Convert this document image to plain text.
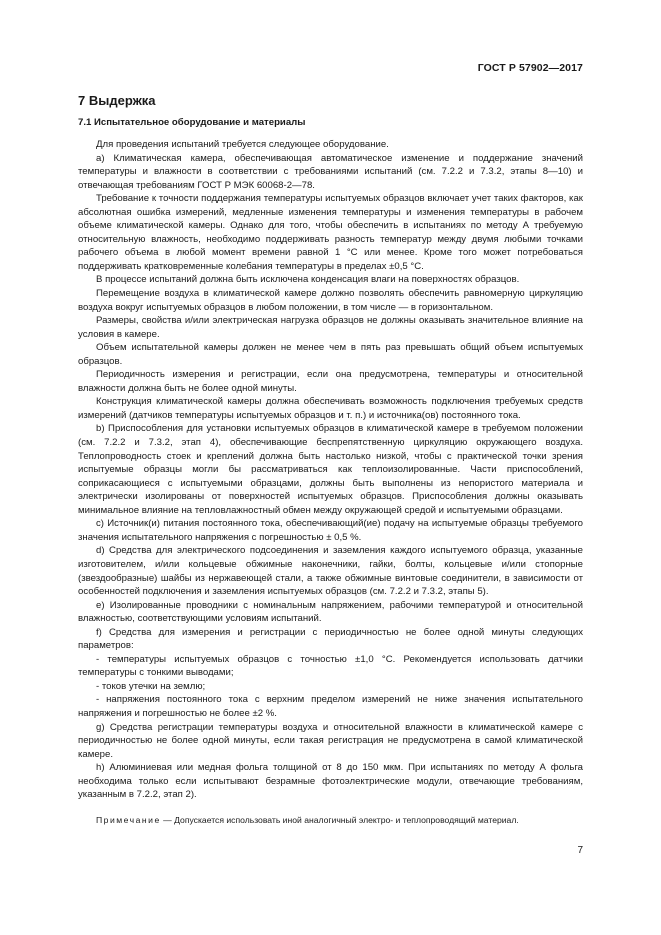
ГОСТ Р 57902—2017
7 Выдержка
7.1 Испытательное оборудование и материалы

Для проведения испытаний требуется следующее оборудование.

а) Климатическая камера, обеспечивающая автоматическое изменение и поддержание значений температуры и влажности в соответствии с требованиями испытаний (см. 7.2.2 и 7.3.2, этапы 8—10) и отвечающая требованиям ГОСТ Р МЭК 60068-2—78.

Требование к точности поддержания температуры испытуемых образцов включает учет таких факторов, как абсолютная ошибка измерений, медленные изменения температуры и изменения температуры в рабочем объеме климатической камеры. Однако для того, чтобы обеспечить в испытаниях по методу А требуемую относительную влажность, необходимо поддерживать разность температур между двумя любыми точками рабочего объема в любой момент времени равной 1 °С или менее. Кроме того может потребоваться поддерживать кратковременные колебания температуры в пределах ±0,5 °С.

В процессе испытаний должна быть исключена конденсация влаги на поверхностях образцов.

Перемещение воздуха в климатической камере должно позволять обеспечить равномерную циркуляцию воздуха вокруг испытуемых образцов в любом положении, в том числе — в горизонтальном.

Размеры, свойства и/или электрическая нагрузка образцов не должны оказывать значительное влияние на условия в камере.

Объем испытательной камеры должен не менее чем в пять раз превышать общий объем испытуемых образцов.

Периодичность измерения и регистрации, если она предусмотрена, температуры и относительной влажности должна быть не более одной минуты.

Конструкция климатической камеры должна обеспечивать возможность подключения требуемых средств измерений (датчиков температуры испытуемых образцов и т. п.) и источника(ов) постоянного тока.

b) Приспособления для установки испытуемых образцов в климатической камере в требуемом положении (см. 7.2.2 и 7.3.2, этап 4), обеспечивающие беспрепятственную циркуляцию окружающего воздуха. Теплопроводность стоек и креплений должна быть настолько низкой, чтобы с практической точки зрения испытуемые образцы могли бы рассматриваться как теплоизолированные. Части приспособлений, соприкасающиеся с испытуемыми образцами, должны быть выполнены из непористого материала и электрически изолированы от поверхностей испытуемых образцов. Приспособления должны оказывать минимальное влияние на тепловлажностный обмен между окружающей средой и испытуемыми образцами.

c) Источник(и) питания постоянного тока, обеспечивающий(ие) подачу на испытуемые образцы требуемого значения испытательного напряжения с погрешностью ± 0,5 %.

d) Средства для электрического подсоединения и заземления каждого испытуемого образца, указанные изготовителем, и/или кольцевые обжимные наконечники, гайки, болты, кольцевые и/или стопорные (звездообразные) шайбы из нержавеющей стали, а также обжимные винтовые соединители, в зависимости от особенностей подключения и заземления испытуемых образцов (см. 7.2.2 и 7.3.2, этапы 5).

e) Изолированные проводники с номинальным напряжением, рабочими температурой и относительной влажностью, соответствующими условиям испытаний.

f) Средства для измерения и регистрации с периодичностью не более одной минуты следующих параметров:

- температуры испытуемых образцов с точностью ±1,0 °С. Рекомендуется использовать датчики температуры с тонкими выводами;

- токов утечки на землю;

- напряжения постоянного тока с верхним пределом измерений не ниже значения испытательного напряжения и погрешностью не более ±2 %.

g) Средства регистрации температуры воздуха и относительной влажности в климатической камере с периодичностью не более одной минуты, если такая регистрация не предусмотрена в самой климатической камере.

h) Алюминиевая или медная фольга толщиной от 8 до 150 мкм. При испытаниях по методу А фольга необходима только если испытывают безрамные фотоэлектрические модули, отвечающие требованиям, указанным в 7.2.2, этап 2).

Примечание — Допускается использовать иной аналогичный электро- и теплопроводящий материал.

7
